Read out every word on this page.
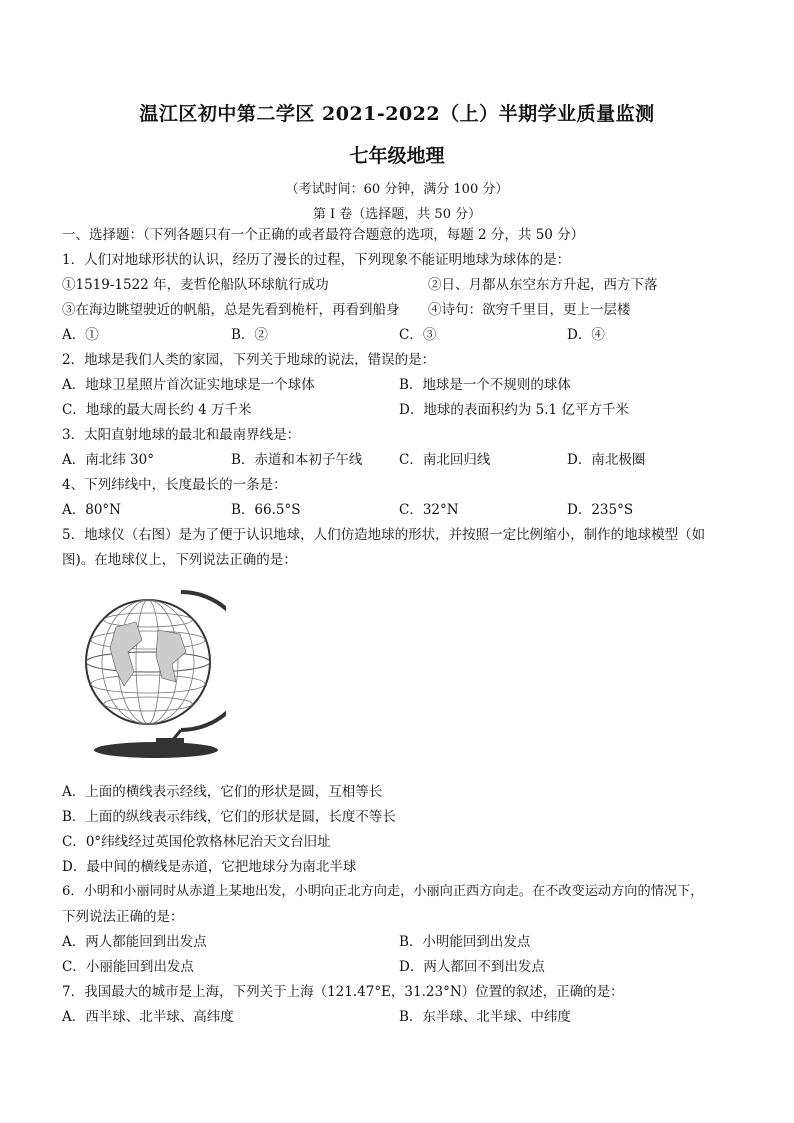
温江区初中第二学区 2021-2022（上）半期学业质量监测
七年级地理
（考试时间：60 分钟，满分 100 分）
第 I 卷（选择题，共 50 分）
一、选择题：（下列各题只有一个正确的或者最符合题意的选项，每题 2 分，共 50 分）
1．人们对地球形状的认识，经历了漫长的过程，下列现象不能证明地球为球体的是：
①1519-1522 年，麦哲伦船队环球航行成功	②日、月都从东空东方升起，西方下落
③在海边眺望驶近的帆船，总是先看到桅杆，再看到船身 ④诗句：欲穷千里目，更上一层楼
A．①	B．②	C．③	D．④
2．地球是我们人类的家园，下列关于地球的说法，错误的是：
A．地球卫星照片首次证实地球是一个球体	B．地球是一个不规则的球体
C．地球的最大周长约 4 万千米	D．地球的表面积约为 5.1 亿平方千米
3．太阳直射地球的最北和最南界线是：
A．南北纬 30°	B．赤道和本初子午线	C．南北回归线	D．南北极圈
4、下列纬线中，长度最长的一条是：
A．80°N	B．66.5°S	C．32°N	D．235°S
5．地球仪（右图）是为了便于认识地球，人们仿造地球的形状，并按照一定比例缩小，制作的地球模型（如
图)。在地球仪上，下列说法正确的是：
A．上面的横线表示经线，它们的形状是圆，互相等长
B．上面的纵线表示纬线，它们的形状是圆，长度不等长
C．0°纬线经过英国伦敦格林尼治天文台旧址
D．最中间的横线是赤道，它把地球分为南北半球
6．小明和小丽同时从赤道上某地出发，小明向正北方向走，小丽向正西方向走。在不改变运动方向的情况下，
下列说法正确的是：
A．两人都能回到出发点	B．小明能回到出发点
C．小丽能回到出发点	D．两人都回不到出发点
7．我国最大的城市是上海，下列关于上海（121.47°E，31.23°N）位置的叙述，正确的是：
A．西半球、北半球、高纬度	B．东半球、北半球、中纬度
